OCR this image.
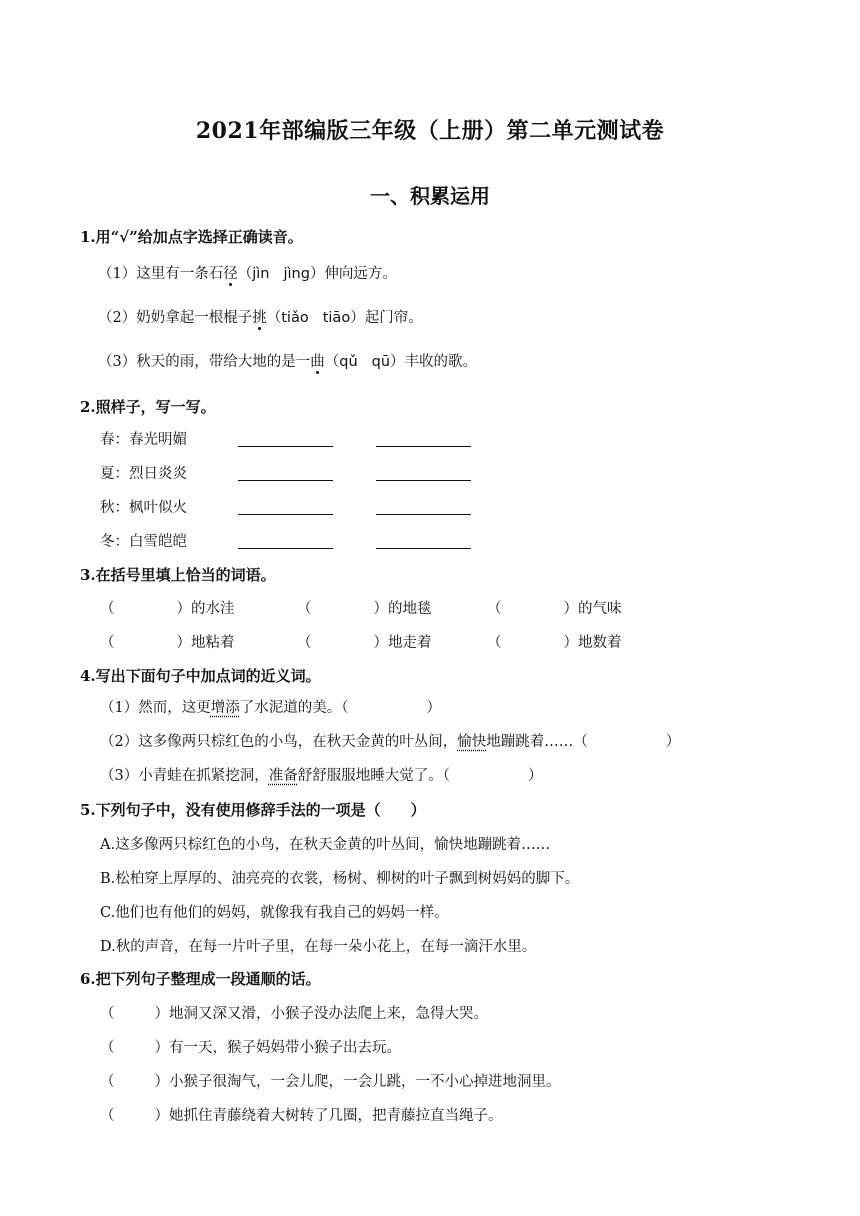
2021年部编版三年级（上册）第二单元测试卷
一、积累运用
1.用“√”给加点字选择正确读音。
（1）这里有一条石径（jìn jìng）伸向远方。
（2）奶奶拿起一根棍子挑（tiǎo tiāo）起门帘。
（3）秋天的雨，带给大地的是一曲（qǔ qū）丰收的歌。
2.照样子，写一写。
春：春光明媚
夏：烈日炎炎
秋：枫叶似火
冬：白雪皑皑
3.在括号里填上恰当的词语。
（	）的水洼	（	）的地毯	（	）的气味
（	）地粘着	（	）地走着	（	）地数着
4.写出下面句子中加点词的近义词。
（1）然而，这更增添了水泥道的美。（	）
（2）这多像两只棕红色的小鸟，在秋天金黄的叶丛间，愉快地蹦跳着……（	）
（3）小青蛙在抓紧挖洞，准备舒舒服服地睡大觉了。（	）
5.下列句子中，没有使用修辞手法的一项是（　　）
A.这多像两只棕红色的小鸟，在秋天金黄的叶丛间，愉快地蹦跳着……
B.松柏穿上厚厚的、油亮亮的衣裳，杨树、柳树的叶子飘到树妈妈的脚下。
C.他们也有他们的妈妈，就像我有我自己的妈妈一样。
D.秋的声音，在每一片叶子里，在每一朵小花上，在每一滴汗水里。
6.把下列句子整理成一段通顺的话。
（	）地洞又深又滑，小猴子没办法爬上来，急得大哭。
（	）有一天，猴子妈妈带小猴子出去玩。
（	）小猴子很淘气，一会儿爬，一会儿跳，一不小心掉进地洞里。
（	）她抓住青藤绕着大树转了几圈，把青藤拉直当绳子。
